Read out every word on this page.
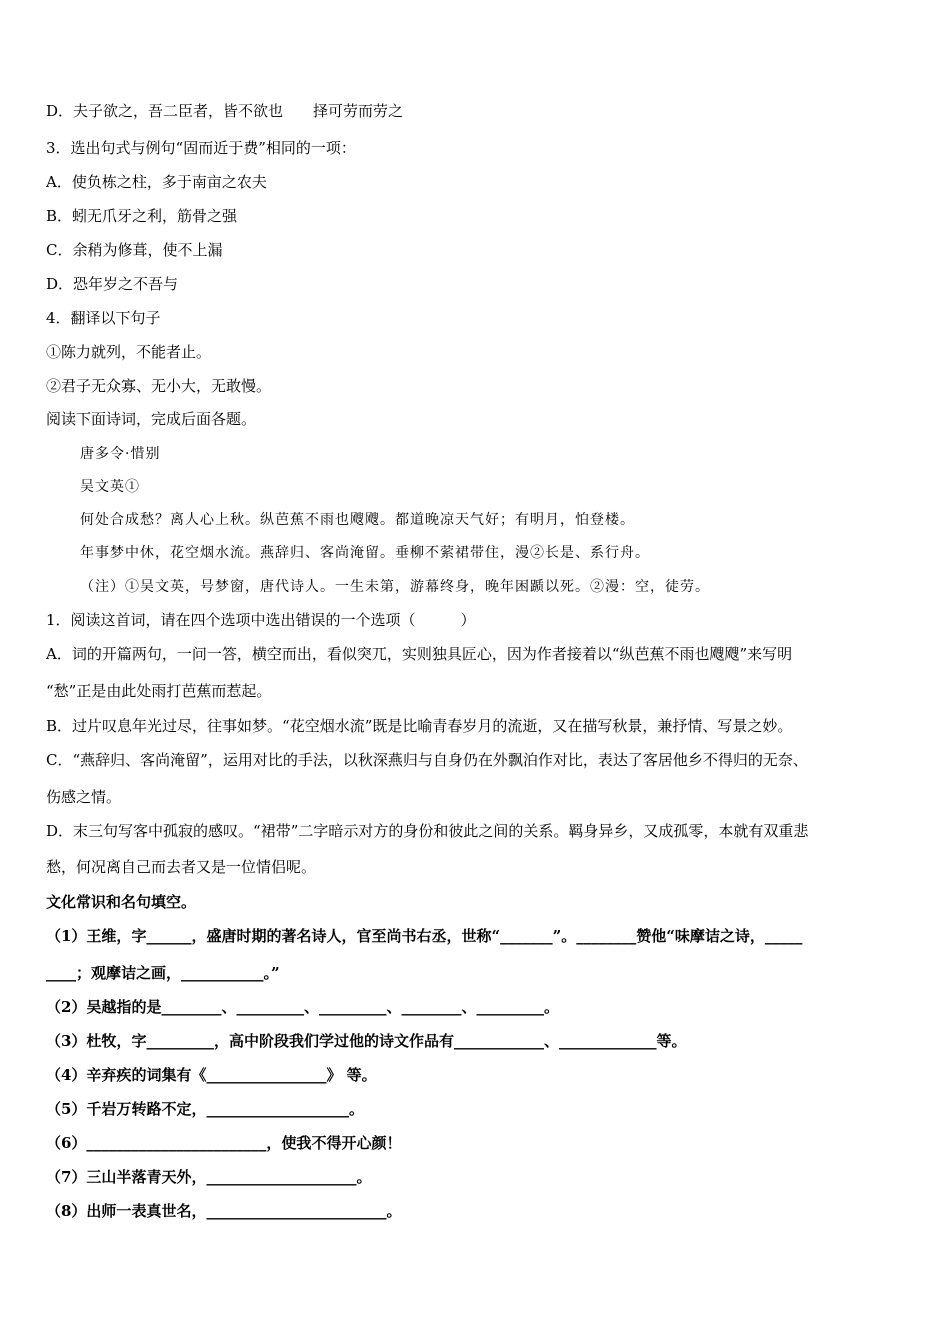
D．夫子欲之，吾二臣者，皆不欲也 择可劳而劳之
3．选出句式与例句“固而近于费”相同的一项：
A．使负栋之柱，多于南亩之农夫
B．蚓无爪牙之利，筋骨之强
C．余稍为修葺，使不上漏
D．恐年岁之不吾与
4．翻译以下句子
①陈力就列，不能者止。
②君子无众寡、无小大，无敢慢。
阅读下面诗词，完成后面各题。
唐多令·惜别
吴文英①
何处合成愁？离人心上秋。纵芭蕉不雨也飕飕。都道晚凉天气好；有明月，怕登楼。
年事梦中休，花空烟水流。燕辞归、客尚淹留。垂柳不萦裙带住，漫②长是、系行舟。
（注）①吴文英，号梦窗，唐代诗人。一生未第，游幕终身，晚年困踬以死。②漫：空，徒劳。
1．阅读这首词，请在四个选项中选出错误的一个选项（　　　）
A．词的开篇两句，一问一答，横空而出，看似突兀，实则独具匠心，因为作者接着以“纵芭蕉不雨也飕飕”来写明
“愁”正是由此处雨打芭蕉而惹起。
B．过片叹息年光过尽，往事如梦。“花空烟水流”既是比喻青春岁月的流逝，又在描写秋景，兼抒情、写景之妙。
C．“燕辞归、客尚淹留”，运用对比的手法，以秋深燕归与自身仍在外飘泊作对比，表达了客居他乡不得归的无奈、
伤感之情。
D．末三句写客中孤寂的感叹。“裙带”二字暗示对方的身份和彼此之间的关系。羁身异乡，又成孤零，本就有双重悲
愁，何况离自己而去者又是一位情侣呢。
文化常识和名句填空。
（1）王维，字______，盛唐时期的著名诗人，官至尚书右丞，世称“_______”。________赞他“味摩诘之诗，_____
____；观摩诘之画，___________。”
（2）吴越指的是________、_________、_________、________、_________。
（3）杜牧，字_________，高中阶段我们学过他的诗文作品有____________、_____________等。
（4）辛弃疾的词集有《________________》 等。
（5）千岩万转路不定，___________________。
（6）________________________，使我不得开心颜！
（7）三山半落青天外，____________________。
（8）出师一表真世名，________________________。
